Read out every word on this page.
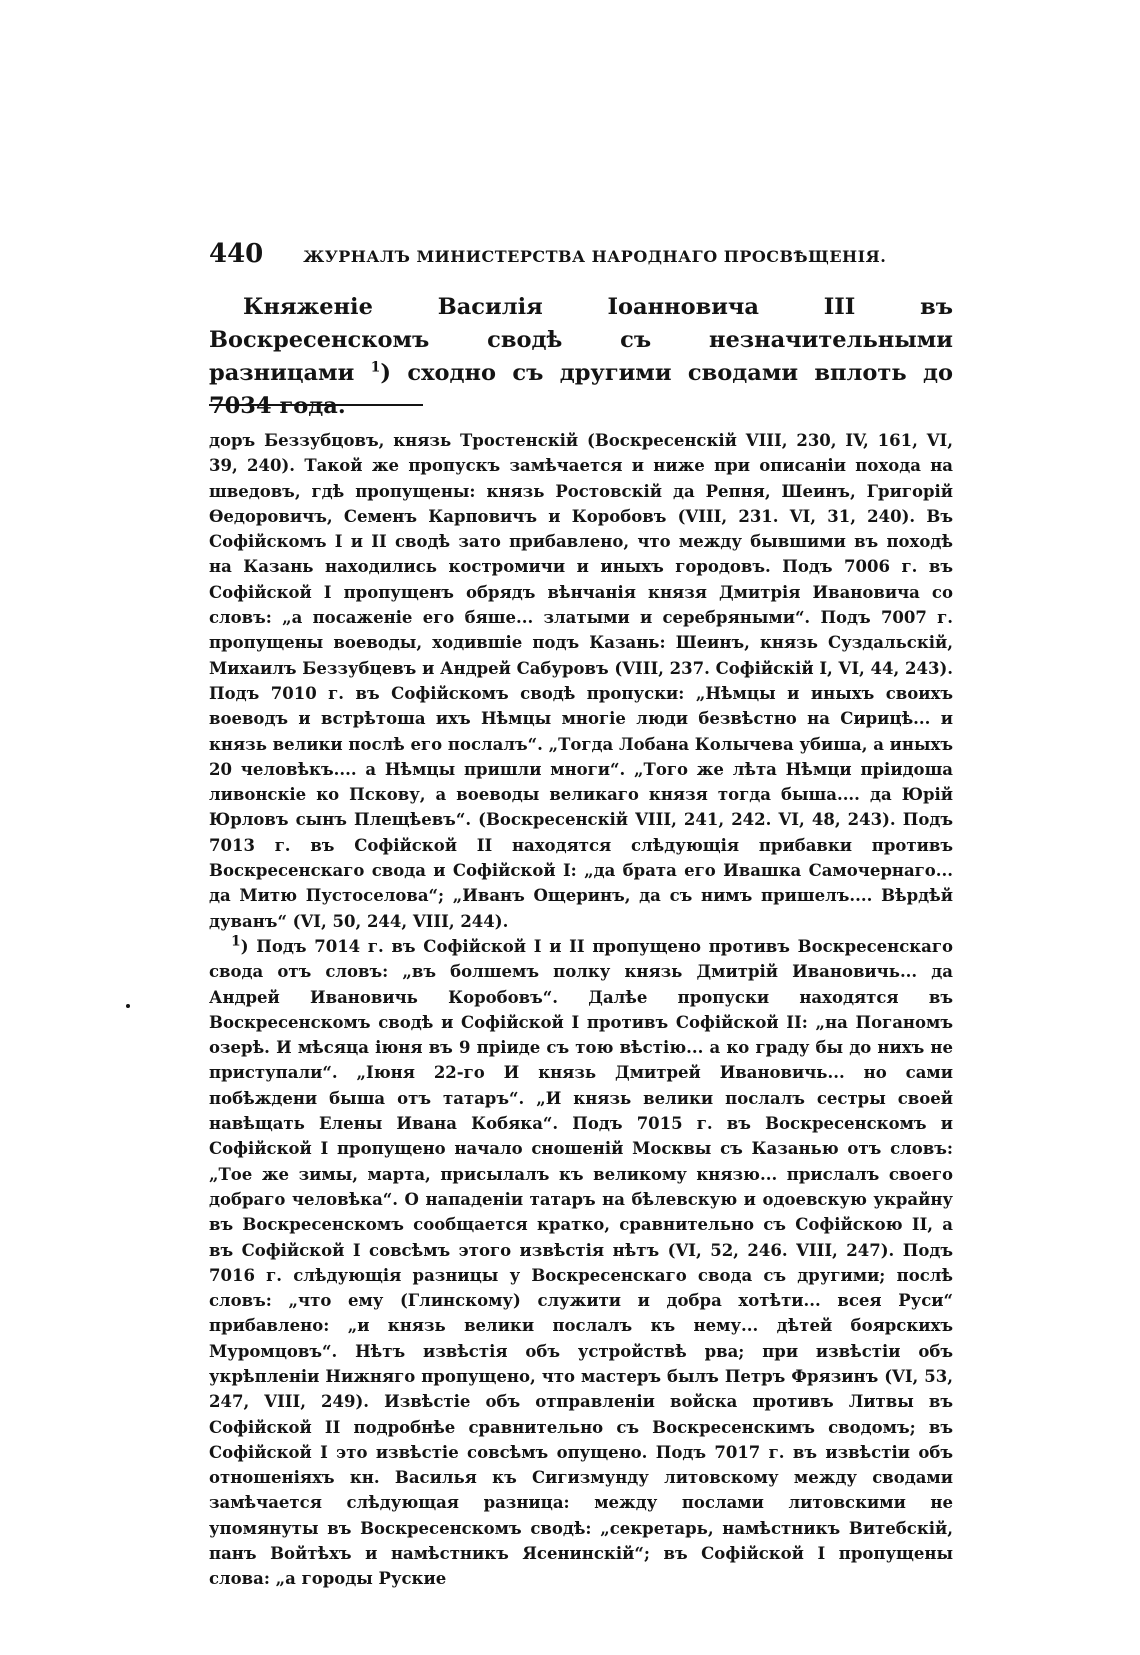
440	ЖУРНАЛЪ МИНИСТЕРСТВА НАРОДНАГО ПРОСВѢЩЕНІЯ.

Княженіе Василія Іоанновича III въ Воскресенскомъ сводѣ съ незначительными разницами $^1$) сходно съ другими сводами вплоть до 7034 года.

доръ Беззубцовъ, князь Тростенскій (Воскресенскій VIII, 230, IV, 161, VI, 39, 240). Такой же пропускъ замѣчается и ниже при описаніи похода на шведовъ, гдѣ пропущены: князь Ростовскій да Репня, Шеинъ, Григорій Ѳедоровичъ, Семенъ Карповичъ и Коробовъ (VIII, 231. VI, 31, 240). Въ Софійскомъ I и II сводѣ зато прибавлено, что между бывшими въ походѣ на Казань находились костромичи и иныхъ городовъ. Подъ 7006 г. въ Софійской I пропущенъ обрядъ вѣнчанія князя Дмитрія Ивановича со словъ: „а посаженіе его бяше... златыми и серебряными“. Подъ 7007 г. пропущены воеводы, ходившіе подъ Казань: Шеинъ, князь Суздальскій, Михаилъ Беззубцевъ и Андрей Сабуровъ (VIII, 237. Софійскій I, VI, 44, 243). Подъ 7010 г. въ Софійскомъ сводѣ пропуски: „Нѣмцы и иныхъ своихъ воеводъ и встрѣтоша ихъ Нѣмцы многіе люди безвѣстно на Сирицѣ... и князь велики послѣ его послалъ“. „Тогда Лобана Колычева убиша, а иныхъ 20 человѣкъ.... а Нѣмцы пришли многи“. „Того же лѣта Нѣмци пріидоша ливонскіе ко Пскову, а воеводы великаго князя тогда быша.... да Юрій Юрловъ сынъ Плещѣевъ“. (Воскресенскій VIII, 241, 242. VI, 48, 243). Подъ 7013 г. въ Софійской II находятся слѣдующія прибавки противъ Воскресенскаго свода и Софійской I: „да брата его Ивашка Самочернаго... да Митю Пустоселова“; „Иванъ Ощеринъ, да съ нимъ пришелъ.... Вѣрдѣй дуванъ“ (VI, 50, 244, VIII, 244).

$^1$) Подъ 7014 г. въ Софійской I и II пропущено противъ Воскресенскаго свода отъ словъ: „въ болшемъ полку князь Дмитрій Ивановичь... да Андрей Ивановичь Коробовъ“. Далѣе пропуски находятся въ Воскресенскомъ сводѣ и Софійской I противъ Софійской II: „на Поганомъ озерѣ. И мѣсяца іюня въ 9 пріиде съ тою вѣстію... а ко граду бы до нихъ не приступали“. „Іюня 22-го И князь Дмитрей Ивановичь... но сами побѣждени быша отъ татаръ“. „И князь велики послалъ сестры своей навѣщать Елены Ивана Кобяка“. Подъ 7015 г. въ Воскресенскомъ и Софійской I пропущено начало сношеній Москвы съ Казанью отъ словъ: „Тое же зимы, марта, присылалъ къ великому князю... прислалъ своего добраго человѣка“. О нападеніи татаръ на бѣлевскую и одоевскую украйну въ Воскресенскомъ сообщается кратко, сравнительно съ Софійскою II, а въ Софійской I совсѣмъ этого извѣстія нѣтъ (VI, 52, 246. VIII, 247). Подъ 7016 г. слѣдующія разницы у Воскресенскаго свода съ другими; послѣ словъ: „что ему (Глинскому) служити и добра хотѣти... всея Руси“ прибавлено: „и князь велики послалъ къ нему... дѣтей боярскихъ Муромцовъ“. Нѣтъ извѣстія объ устройствѣ рва; при извѣстіи объ укрѣпленіи Нижняго пропущено, что мастеръ былъ Петръ Фрязинъ (VI, 53, 247, VIII, 249). Извѣстіе объ отправленіи войска противъ Литвы въ Софійской II подробнѣе сравнительно съ Воскресенскимъ сводомъ; въ Софійской I это извѣстіе совсѣмъ опущено. Подъ 7017 г. въ извѣстіи объ отношеніяхъ кн. Василья къ Сигизмунду литовскому между сводами замѣчается слѣдующая разница: между послами литовскими не упомянуты въ Воскресенскомъ сводѣ: „секретарь, намѣстникъ Витебскій, панъ Войтѣхъ и намѣстникъ Ясенинскій“; въ Софійской I пропущены слова: „а городы Руские
